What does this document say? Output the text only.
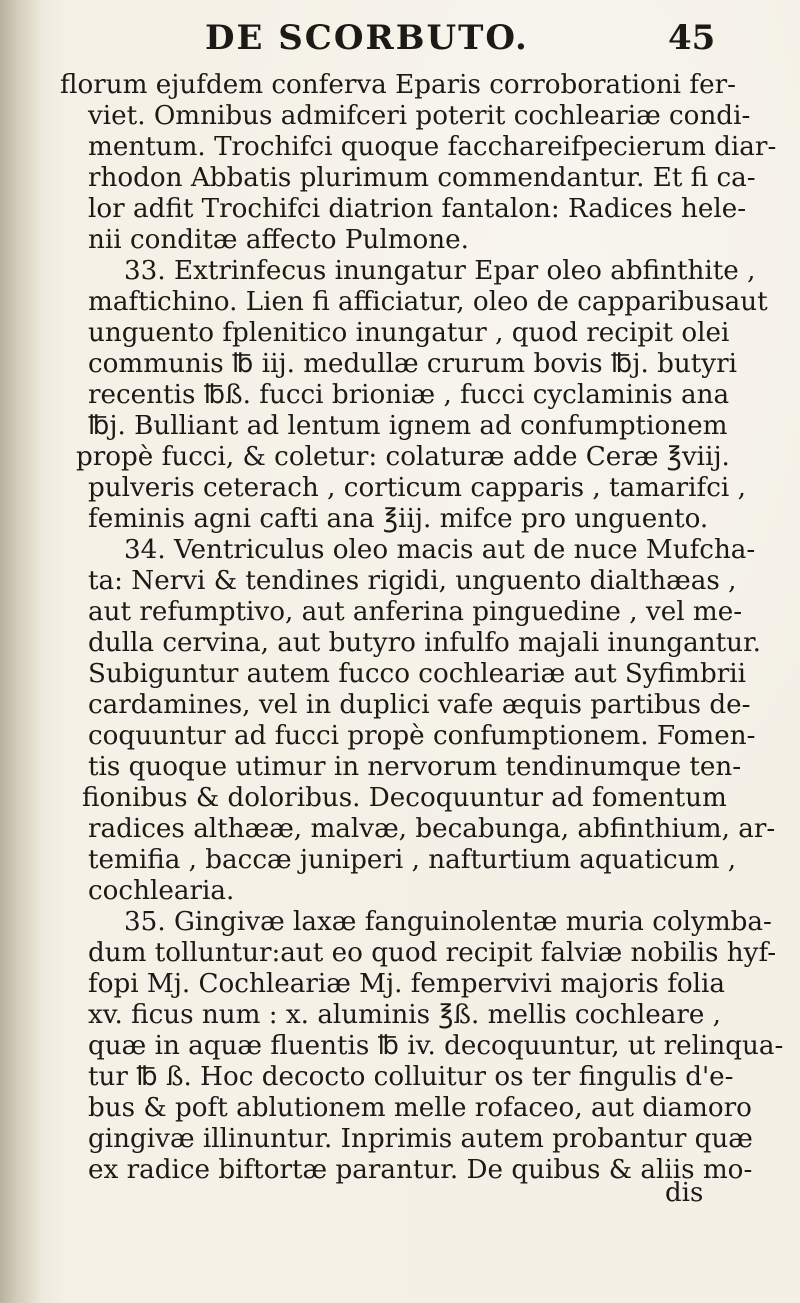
DE SCORBUTO.	45
florum ejufdem conferva Eparis corroborationi fer-
viet. Omnibus admifceri poterit cochleariæ condi-
mentum. Trochifci quoque facchareifpecierum diar-
rhodon Abbatis plurimum commendantur. Et fi ca-
lor adfit Trochifci diatrion fantalon: Radices hele-
nii conditæ affecto Pulmone.
33. Extrinfecus inungatur Epar oleo abfinthite ,
maftichino. Lien fi afficiatur, oleo de capparibusaut
unguento fplenitico inungatur , quod recipit olei
communis ℔ iij. medullæ crurum bovis ℔j. butyri
recentis ℔ß. fucci brioniæ , fucci cyclaminis ana
℔j. Bulliant ad lentum ignem ad confumptionem
propè fucci, & coletur: colaturæ adde Ceræ ℥viij.
pulveris ceterach , corticum capparis , tamarifci ,
feminis agni cafti ana ℥iij. mifce pro unguento.
34. Ventriculus oleo macis aut de nuce Mufcha-
ta: Nervi & tendines rigidi, unguento dialthæas ,
aut refumptivo, aut anferina pinguedine , vel me-
dulla cervina, aut butyro infulfo majali inungantur.
Subiguntur autem fucco cochleariæ aut Syfimbrii
cardamines, vel in duplici vafe æquis partibus de-
coquuntur ad fucci propè confumptionem. Fomen-
tis quoque utimur in nervorum tendinumque ten-
fionibus & doloribus. Decoquuntur ad fomentum
radices althææ, malvæ, becabunga, abfinthium, ar-
temifia , baccæ juniperi , nafturtium aquaticum ,
cochlearia.
35. Gingivæ laxæ fanguinolentæ muria colymba-
dum tolluntur:aut eo quod recipit falviæ nobilis hyf-
fopi Mj. Cochleariæ Mj. fempervivi majoris folia
xv. ficus num : x. aluminis ℥ß. mellis cochleare ,
quæ in aquæ fluentis ℔ iv. decoquuntur, ut relinqua-
tur ℔ ß. Hoc decocto colluitur os ter fingulis d'e-
bus & poft ablutionem melle rofaceo, aut diamoro
gingivæ illinuntur. Inprimis autem probantur quæ
ex radice biftortæ parantur. De quibus & aliis mo-
dis
